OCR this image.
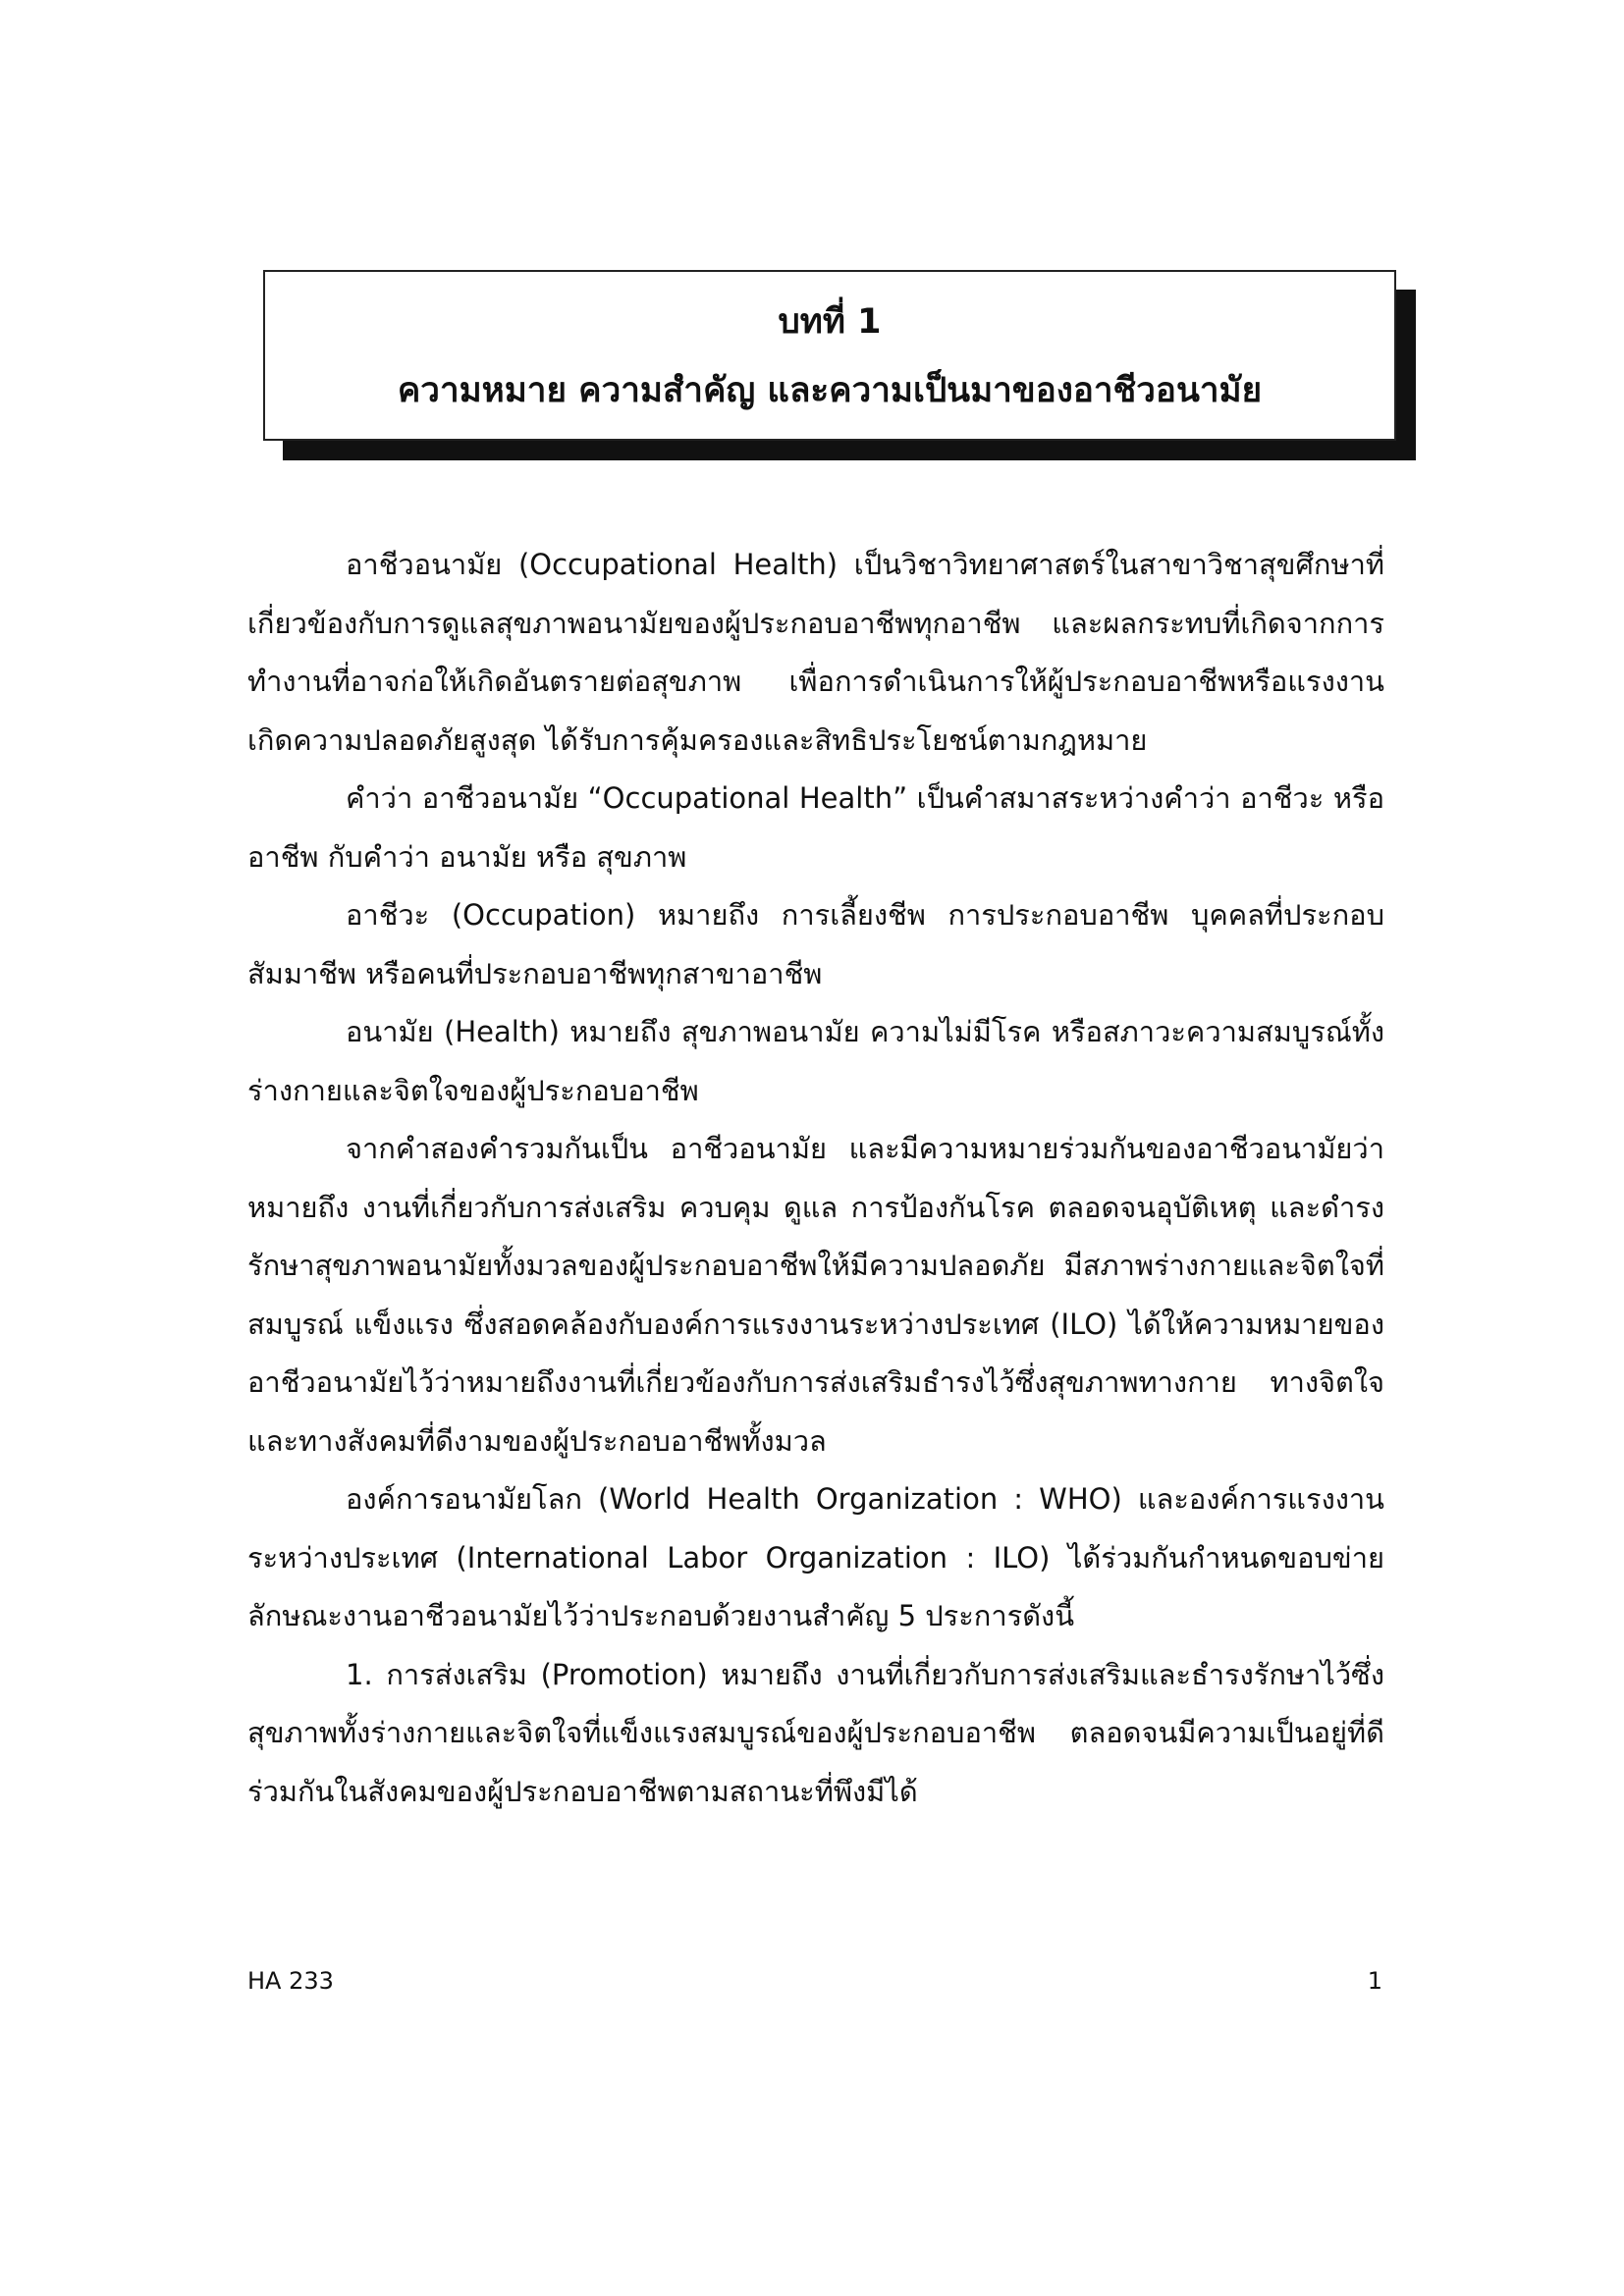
บทที่ 1
ความหมาย ความสำคัญ และความเป็นมาของอาชีวอนามัย

อาชีวอนามัย (Occupational Health) เป็นวิชาวิทยาศาสตร์ในสาขาวิชาสุขศึกษาที่เกี่ยวข้องกับการดูแลสุขภาพอนามัยของผู้ประกอบอาชีพทุกอาชีพ และผลกระทบที่เกิดจากการทำงานที่อาจก่อให้เกิดอันตรายต่อสุขภาพ เพื่อการดำเนินการให้ผู้ประกอบอาชีพหรือแรงงานเกิดความปลอดภัยสูงสุด ได้รับการคุ้มครองและสิทธิประโยชน์ตามกฎหมาย

คำว่า อาชีวอนามัย “Occupational Health” เป็นคำสมาสระหว่างคำว่า อาชีวะ หรือ อาชีพ กับคำว่า อนามัย หรือ สุขภาพ

อาชีวะ (Occupation) หมายถึง การเลี้ยงชีพ การประกอบอาชีพ บุคคลที่ประกอบสัมมาชีพ หรือคนที่ประกอบอาชีพทุกสาขาอาชีพ

อนามัย (Health) หมายถึง สุขภาพอนามัย ความไม่มีโรค หรือสภาวะความสมบูรณ์ทั้งร่างกายและจิตใจของผู้ประกอบอาชีพ

จากคำสองคำรวมกันเป็น อาชีวอนามัย และมีความหมายร่วมกันของอาชีวอนามัยว่า หมายถึง งานที่เกี่ยวกับการส่งเสริม ควบคุม ดูแล การป้องกันโรค ตลอดจนอุบัติเหตุ และดำรงรักษาสุขภาพอนามัยทั้งมวลของผู้ประกอบอาชีพให้มีความปลอดภัย มีสภาพร่างกายและจิตใจที่สมบูรณ์ แข็งแรง ซึ่งสอดคล้องกับองค์การแรงงานระหว่างประเทศ (ILO) ได้ให้ความหมายของอาชีวอนามัยไว้ว่าหมายถึงงานที่เกี่ยวข้องกับการส่งเสริมธำรงไว้ซึ่งสุขภาพทางกาย ทางจิตใจ และทางสังคมที่ดีงามของผู้ประกอบอาชีพทั้งมวล

องค์การอนามัยโลก (World Health Organization : WHO) และองค์การแรงงานระหว่างประเทศ (International Labor Organization : ILO) ได้ร่วมกันกำหนดขอบข่ายลักษณะงานอาชีวอนามัยไว้ว่าประกอบด้วยงานสำคัญ 5 ประการดังนี้

1. การส่งเสริม (Promotion) หมายถึง งานที่เกี่ยวกับการส่งเสริมและธำรงรักษาไว้ซึ่งสุขภาพทั้งร่างกายและจิตใจที่แข็งแรงสมบูรณ์ของผู้ประกอบอาชีพ ตลอดจนมีความเป็นอยู่ที่ดีร่วมกันในสังคมของผู้ประกอบอาชีพตามสถานะที่พึงมีได้

HA 233	1
